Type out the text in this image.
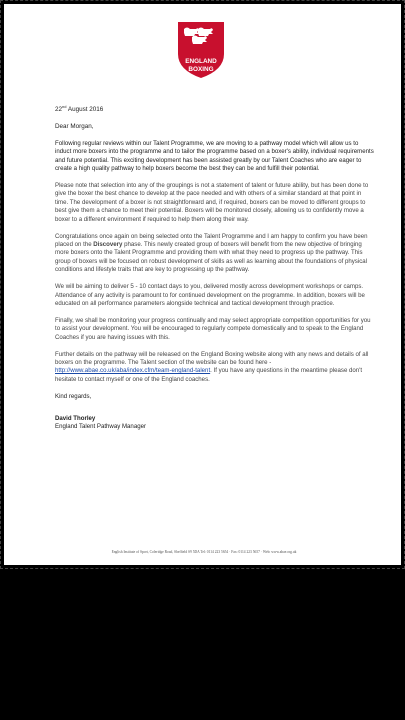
ENGLAND
BOXING

22nd August 2016

Dear Morgan,

Following regular reviews within our Talent Programme, we are moving to a pathway model which will allow us to induct more boxers into the programme and to tailor the programme based on a boxer's ability, individual requirements and future potential. This exciting development has been assisted greatly by our Talent Coaches who are eager to create a high quality pathway to help boxers become the best they can be and fulfill their potential.

Please note that selection into any of the groupings is not a statement of talent or future ability, but has been done to give the boxer the best chance to develop at the pace needed and with others of a similar standard at that point in time. The development of a boxer is not straightforward and, if required, boxers can be moved to different groups to best give them a chance to meet their potential. Boxers will be monitored closely, allowing us to confidently move a boxer to a different environment if required to help them along their way.

Congratulations once again on being selected onto the Talent Programme and I am happy to confirm you have been placed on the Discovery phase. This newly created group of boxers will benefit from the new objective of bringing more boxers onto the Talent Programme and providing them with what they need to progress up the pathway. This group of boxers will be focused on robust development of skills as well as learning about the foundations of physical conditions and lifestyle traits that are key to progressing up the pathway.

We will be aiming to deliver 5 - 10 contact days to you, delivered mostly across development workshops or camps. Attendance of any activity is paramount to for continued development on the programme. In addition, boxers will be educated on all performance parameters alongside technical and tactical development through practice.

Finally, we shall be monitoring your progress continually and may select appropriate competition opportunities for you to assist your development. You will be encouraged to regularly compete domestically and to speak to the England Coaches if you are having issues with this.

Further details on the pathway will be released on the England Boxing website along with any news and details of all boxers on the programme. The Talent section of the website can be found here - http://www.abae.co.uk/aba/index.cfm/team-england-talent. If you have any questions in the meantime please don't hesitate to contact myself or one of the England coaches.

Kind regards,

David Thorley

England Talent Pathway Manager

English Institute of Sport, Coleridge Road, Sheffield S9 5DA Tel: 0114 223 5654 · Fax: 0114 223 5657 · Web: www.abae.org.uk
